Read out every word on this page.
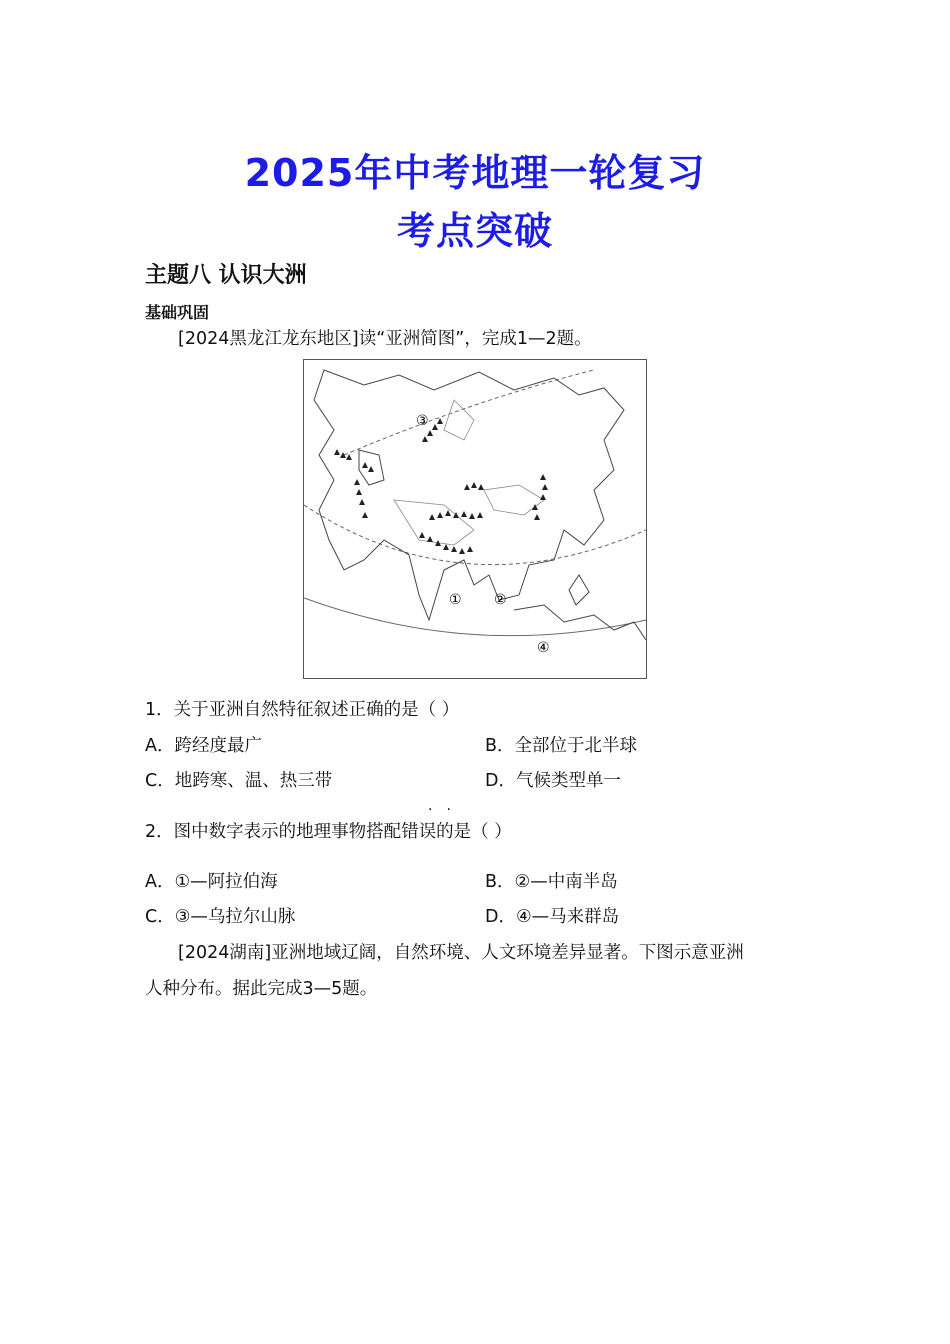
2025年中考地理一轮复习
考点突破
主题八 认识大洲
基础巩固
[2024黑龙江龙东地区]读“亚洲简图”，完成1—2题。
③
① ②
④
1．关于亚洲自然特征叙述正确的是（ ）
A．跨经度最广	B．全部位于北半球
C．地跨寒、温、热三带	D．气候类型单一
··
2．图中数字表示的地理事物搭配错误的是（ ）
A．①—阿拉伯海	B．②—中南半岛
C．③—乌拉尔山脉	D．④—马来群岛
[2024湖南]亚洲地域辽阔，自然环境、人文环境差异显著。下图示意亚洲
人种分布。据此完成3—5题。
